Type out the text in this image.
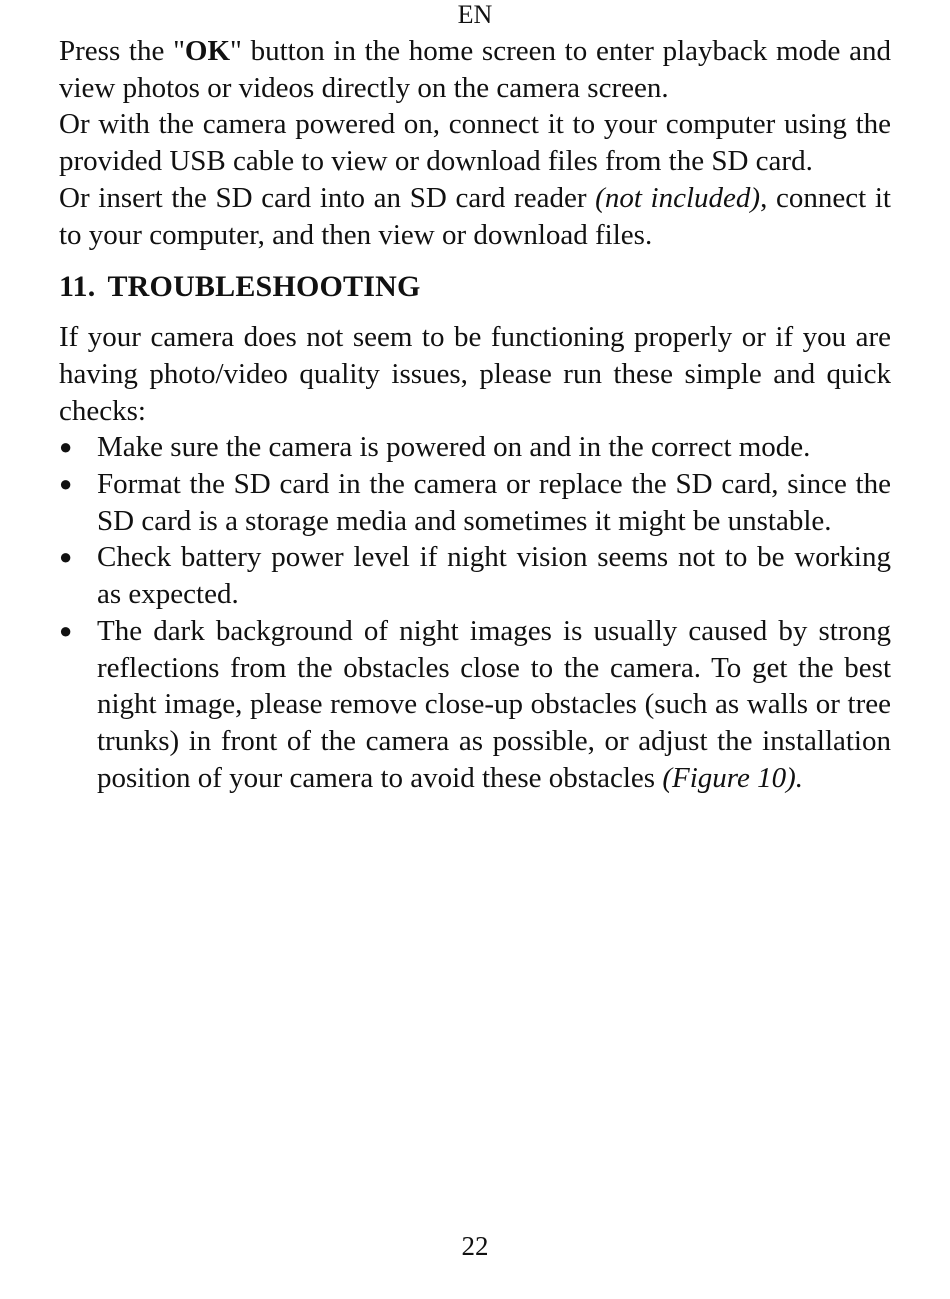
EN

Press the "OK" button in the home screen to enter playback mode and view photos or videos directly on the camera screen.

Or with the camera powered on, connect it to your computer using the provided USB cable to view or download files from the SD card.

Or insert the SD card into an SD card reader (not included), connect it to your computer, and then view or download files.

11. TROUBLESHOOTING

If your camera does not seem to be functioning properly or if you are having photo/video quality issues, please run these simple and quick checks:

● Make sure the camera is powered on and in the correct mode.
● Format the SD card in the camera or replace the SD card, since the SD card is a storage media and sometimes it might be unstable.
● Check battery power level if night vision seems not to be working as expected.
● The dark background of night images is usually caused by strong reflections from the obstacles close to the camera. To get the best night image, please remove close-up obstacles (such as walls or tree trunks) in front of the camera as possible, or adjust the installation position of your camera to avoid these obstacles (Figure 10).
22
